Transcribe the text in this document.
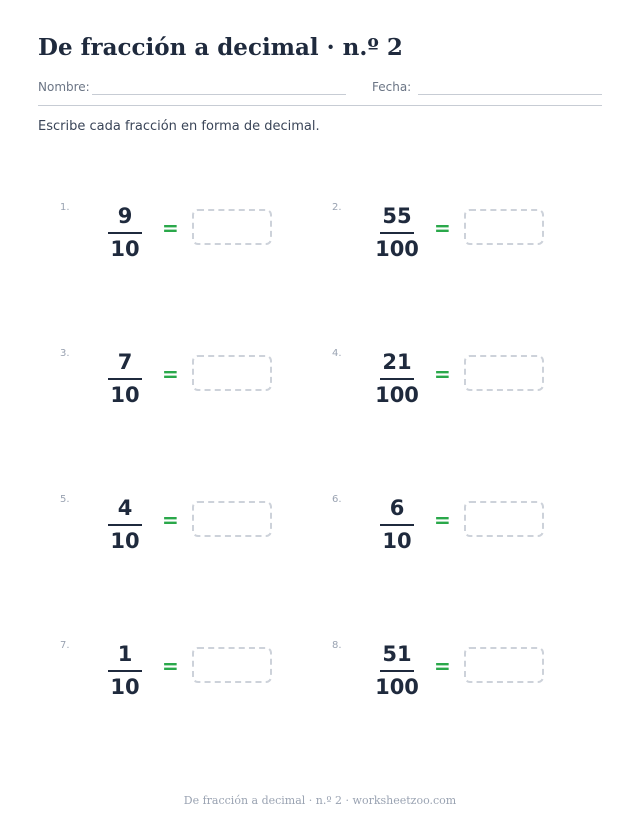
De fracción a decimal · n.º 2
Nombre:	Fecha:
Escribe cada fracción en forma de decimal.
1.	9
10
=
2.	55
100
=
3.	7
10
=
4.	21
100
=
5.	4
10
=
6.	6
10
=
7.	1
10
=
8.	51
100
=
De fracción a decimal · n.º 2 · worksheetzoo.com
